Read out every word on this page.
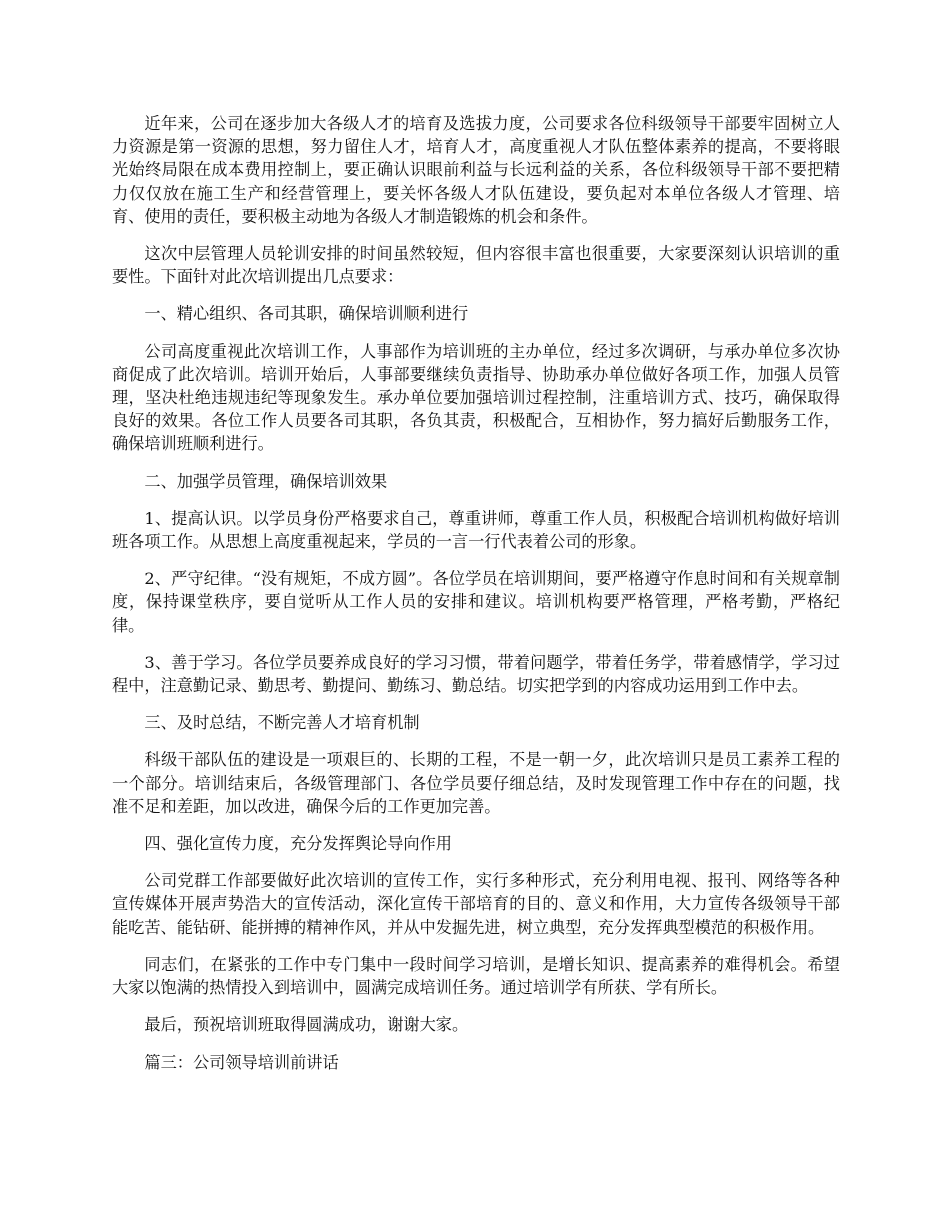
近年来，公司在逐步加大各级人才的培育及选拔力度，公司要求各位科级领导干部要牢固树立人力资源是第一资源的思想，努力留住人才，培育人才，高度重视人才队伍整体素养的提高，不要将眼光始终局限在成本费用控制上，要正确认识眼前利益与长远利益的关系，各位科级领导干部不要把精力仅仅放在施工生产和经营管理上，要关怀各级人才队伍建设，要负起对本单位各级人才管理、培育、使用的责任，要积极主动地为各级人才制造锻炼的机会和条件。

这次中层管理人员轮训安排的时间虽然较短，但内容很丰富也很重要，大家要深刻认识培训的重要性。下面针对此次培训提出几点要求：

一、精心组织、各司其职，确保培训顺利进行

公司高度重视此次培训工作，人事部作为培训班的主办单位，经过多次调研，与承办单位多次协商促成了此次培训。培训开始后，人事部要继续负责指导、协助承办单位做好各项工作，加强人员管理，坚决杜绝违规违纪等现象发生。承办单位要加强培训过程控制，注重培训方式、技巧，确保取得良好的效果。各位工作人员要各司其职，各负其责，积极配合，互相协作，努力搞好后勤服务工作，确保培训班顺利进行。

二、加强学员管理，确保培训效果

1、提高认识。以学员身份严格要求自己，尊重讲师，尊重工作人员，积极配合培训机构做好培训班各项工作。从思想上高度重视起来，学员的一言一行代表着公司的形象。

2、严守纪律。“没有规矩，不成方圆”。各位学员在培训期间，要严格遵守作息时间和有关规章制度，保持课堂秩序，要自觉听从工作人员的安排和建议。培训机构要严格管理，严格考勤，严格纪律。

3、善于学习。各位学员要养成良好的学习习惯，带着问题学，带着任务学，带着感情学，学习过程中，注意勤记录、勤思考、勤提问、勤练习、勤总结。切实把学到的内容成功运用到工作中去。

三、及时总结，不断完善人才培育机制

科级干部队伍的建设是一项艰巨的、长期的工程，不是一朝一夕，此次培训只是员工素养工程的一个部分。培训结束后，各级管理部门、各位学员要仔细总结，及时发现管理工作中存在的问题，找准不足和差距，加以改进，确保今后的工作更加完善。

四、强化宣传力度，充分发挥舆论导向作用

公司党群工作部要做好此次培训的宣传工作，实行多种形式，充分利用电视、报刊、网络等各种宣传媒体开展声势浩大的宣传活动，深化宣传干部培育的目的、意义和作用，大力宣传各级领导干部能吃苦、能钻研、能拼搏的精神作风，并从中发掘先进，树立典型，充分发挥典型模范的积极作用。

同志们，在紧张的工作中专门集中一段时间学习培训，是增长知识、提高素养的难得机会。希望大家以饱满的热情投入到培训中，圆满完成培训任务。通过培训学有所获、学有所长。

最后，预祝培训班取得圆满成功，谢谢大家。

篇三：公司领导培训前讲话
